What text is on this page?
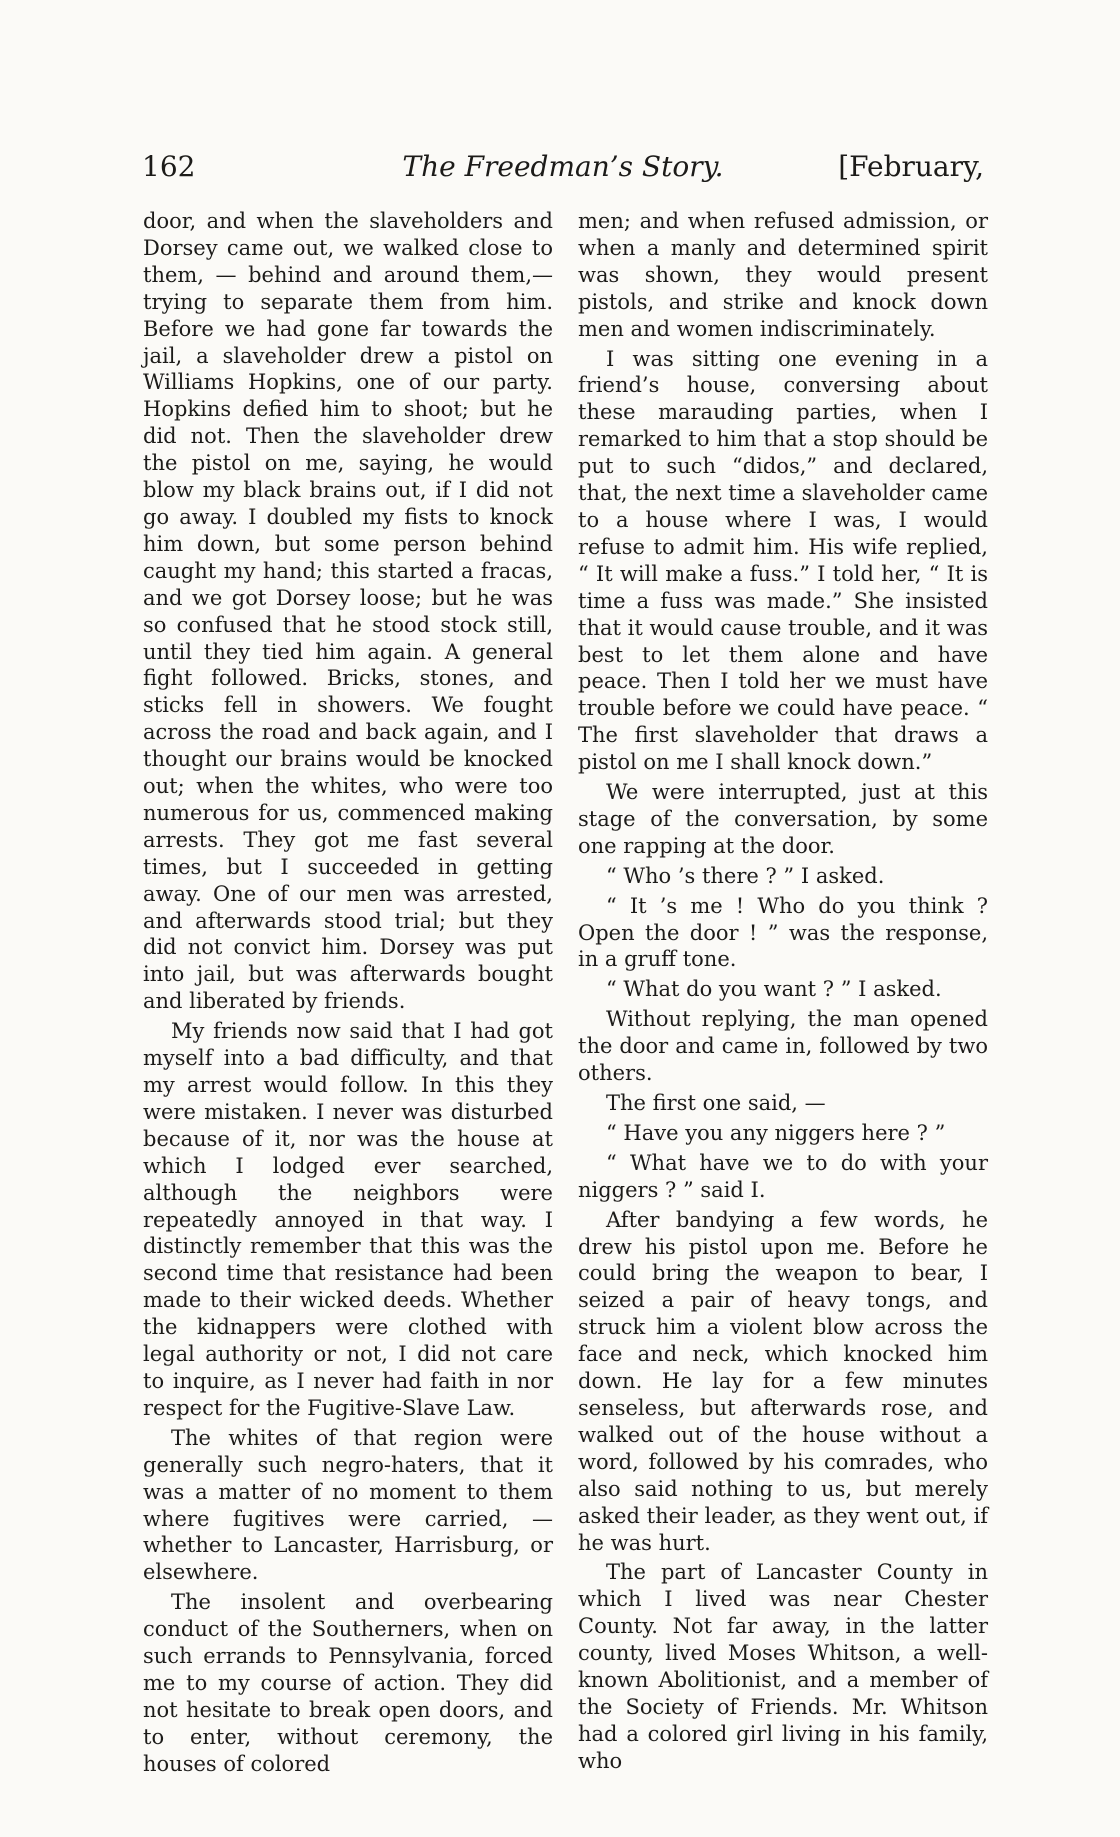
162	The Freedman’s Story.	[February,

door, and when the slaveholders and Dorsey came out, we walked close to them, — behind and around them,—trying to separate them from him. Before we had gone far towards the jail, a slaveholder drew a pistol on Williams Hopkins, one of our party. Hopkins defied him to shoot; but he did not. Then the slaveholder drew the pistol on me, saying, he would blow my black brains out, if I did not go away. I doubled my fists to knock him down, but some person behind caught my hand; this started a fracas, and we got Dorsey loose; but he was so confused that he stood stock still, until they tied him again. A general fight followed. Bricks, stones, and sticks fell in showers. We fought across the road and back again, and I thought our brains would be knocked out; when the whites, who were too numerous for us, commenced making arrests. They got me fast several times, but I succeeded in getting away. One of our men was arrested, and afterwards stood trial; but they did not convict him. Dorsey was put into jail, but was afterwards bought and liberated by friends.

My friends now said that I had got myself into a bad difficulty, and that my arrest would follow. In this they were mistaken. I never was disturbed because of it, nor was the house at which I lodged ever searched, although the neighbors were repeatedly annoyed in that way. I distinctly remember that this was the second time that resistance had been made to their wicked deeds. Whether the kidnappers were clothed with legal authority or not, I did not care to inquire, as I never had faith in nor respect for the Fugitive-Slave Law.

The whites of that region were generally such negro-haters, that it was a matter of no moment to them where fugitives were carried, — whether to Lancaster, Harrisburg, or elsewhere.

The insolent and overbearing conduct of the Southerners, when on such errands to Pennsylvania, forced me to my course of action. They did not hesitate to break open doors, and to enter, without ceremony, the houses of colored

men; and when refused admission, or when a manly and determined spirit was shown, they would present pistols, and strike and knock down men and women indiscriminately.

I was sitting one evening in a friend’s house, conversing about these marauding parties, when I remarked to him that a stop should be put to such “didos,” and declared, that, the next time a slaveholder came to a house where I was, I would refuse to admit him. His wife replied, “ It will make a fuss.” I told her, “ It is time a fuss was made.” She insisted that it would cause trouble, and it was best to let them alone and have peace. Then I told her we must have trouble before we could have peace. “ The first slaveholder that draws a pistol on me I shall knock down.”

We were interrupted, just at this stage of the conversation, by some one rapping at the door.

“ Who ’s there ? ” I asked.

“ It ’s me ! Who do you think ? Open the door ! ” was the response, in a gruff tone.

“ What do you want ? ” I asked.

Without replying, the man opened the door and came in, followed by two others.

The first one said, —

“ Have you any niggers here ? ”

“ What have we to do with your niggers ? ” said I.

After bandying a few words, he drew his pistol upon me. Before he could bring the weapon to bear, I seized a pair of heavy tongs, and struck him a violent blow across the face and neck, which knocked him down. He lay for a few minutes senseless, but afterwards rose, and walked out of the house without a word, followed by his comrades, who also said nothing to us, but merely asked their leader, as they went out, if he was hurt.

The part of Lancaster County in which I lived was near Chester County. Not far away, in the latter county, lived Moses Whitson, a well-known Abolitionist, and a member of the Society of Friends. Mr. Whitson had a colored girl living in his family, who
